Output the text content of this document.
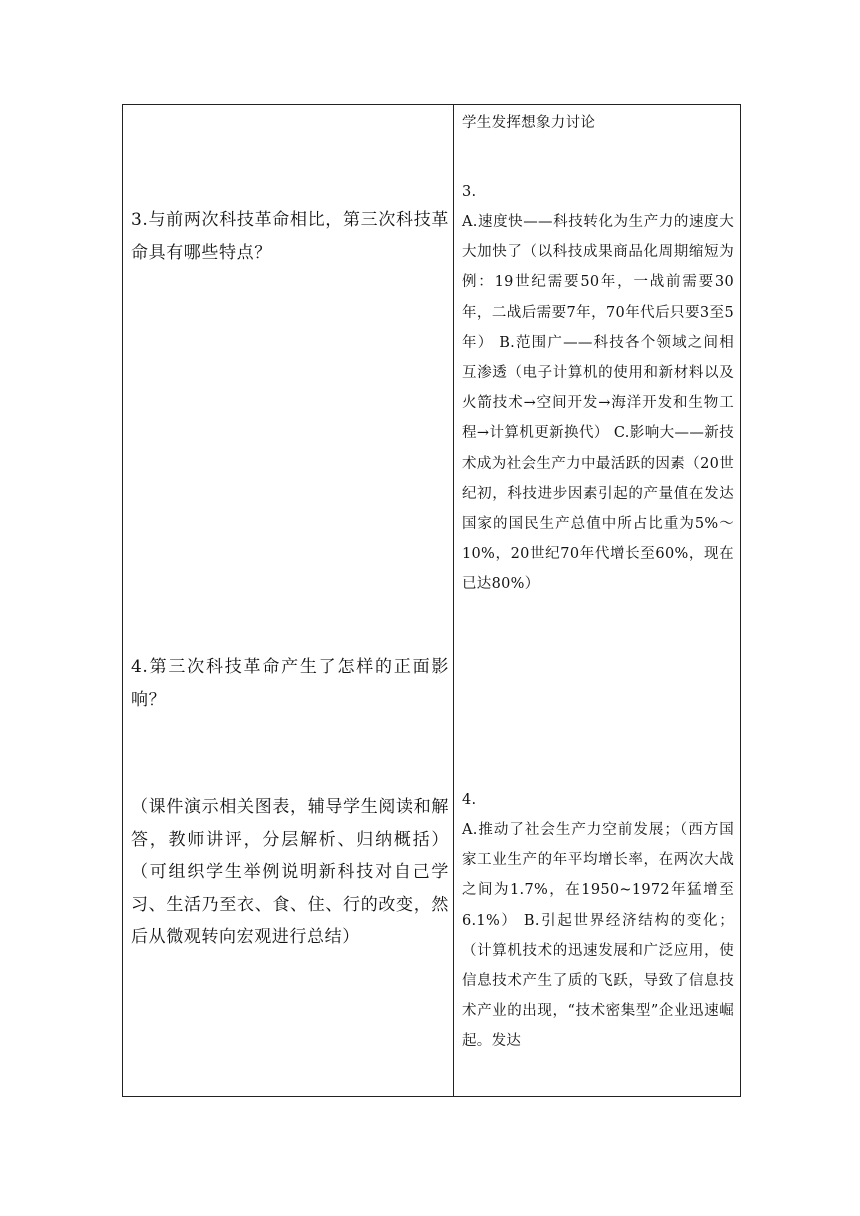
3.与前两次科技革命相比，第三次科技革命具有哪些特点？
4.第三次科技革命产生了怎样的正面影响？
（课件演示相关图表，辅导学生阅读和解答，教师讲评，分层解析、归纳概括）（可组织学生举例说明新科技对自己学习、生活乃至衣、食、住、行的改变，然后从微观转向宏观进行总结）
学生发挥想象力讨论
3.
A.速度快——科技转化为生产力的速度大大加快了（以科技成果商品化周期缩短为例：19世纪需要50年，一战前需要30年，二战后需要7年，70年代后只要3至5年） B.范围广——科技各个领域之间相互渗透（电子计算机的使用和新材料以及火箭技术→空间开发→海洋开发和生物工程→计算机更新换代） C.影响大——新技术成为社会生产力中最活跃的因素（20世纪初，科技进步因素引起的产量值在发达国家的国民生产总值中所占比重为5%～10%，20世纪70年代增长至60%，现在已达80%）
4.
A.推动了社会生产力空前发展；（西方国家工业生产的年平均增长率，在两次大战之间为1.7%，在1950~1972年猛增至6.1%） B.引起世界经济结构的变化；（计算机技术的迅速发展和广泛应用，使信息技术产生了质的飞跃，导致了信息技术产业的出现，“技术密集型”企业迅速崛起。发达
